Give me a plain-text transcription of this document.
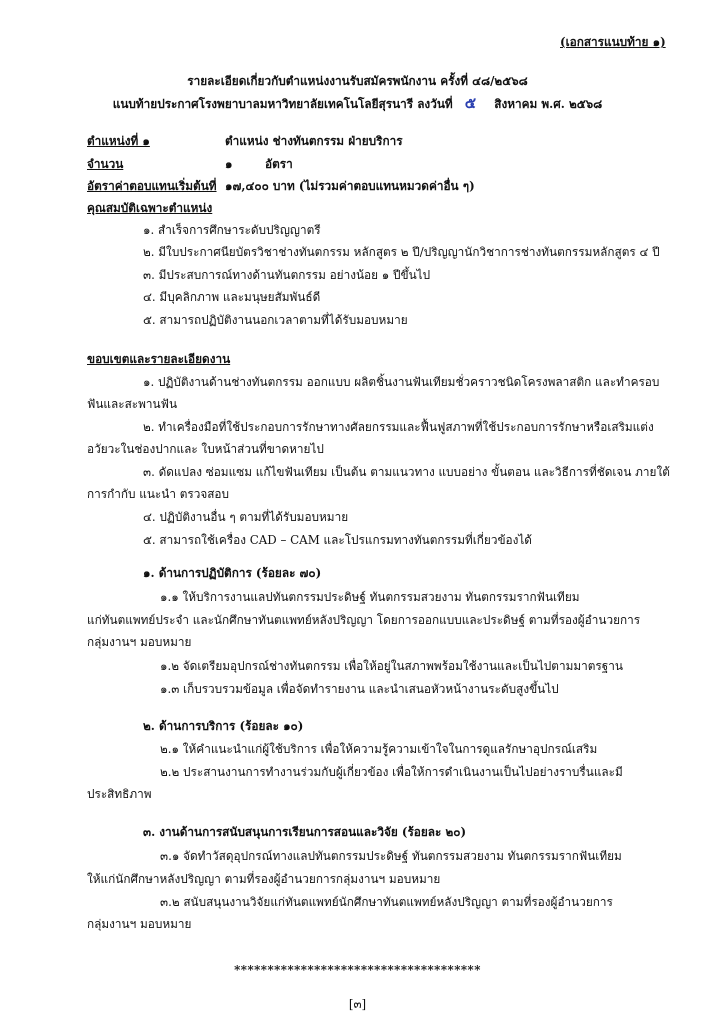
(เอกสารแนบท้าย ๑)
รายละเอียดเกี่ยวกับตำแหน่งงานรับสมัครพนักงาน ครั้งที่ ๔๘/๒๕๖๘
แนบท้ายประกาศโรงพยาบาลมหาวิทยาลัยเทคโนโลยีสุรนารี ลงวันที่ ๕ สิงหาคม พ.ศ. ๒๕๖๘
ตำแหน่งที่ ๑	ตำแหน่ง ช่างทันตกรรม ฝ่ายบริการ
จำนวน	๑	อัตรา
อัตราค่าตอบแทนเริ่มต้นที่ ๑๗,๔๐๐ บาท (ไม่รวมค่าตอบแทนหมวดค่าอื่น ๆ)
คุณสมบัติเฉพาะตำแหน่ง
๑. สำเร็จการศึกษาระดับปริญญาตรี
๒. มีใบประกาศนียบัตรวิชาช่างทันตกรรม หลักสูตร ๒ ปี/ปริญญานักวิชาการช่างทันตกรรมหลักสูตร ๔ ปี
๓. มีประสบการณ์ทางด้านทันตกรรม อย่างน้อย ๑ ปีขึ้นไป
๔. มีบุคลิกภาพ และมนุษยสัมพันธ์ดี
๕. สามารถปฏิบัติงานนอกเวลาตามที่ได้รับมอบหมาย
ขอบเขตและรายละเอียดงาน
๑. ปฏิบัติงานด้านช่างทันตกรรม ออกแบบ ผลิตชิ้นงานฟันเทียมชั่วคราวชนิดโครงพลาสติก และทำครอบ
ฟันและสะพานฟัน
๒. ทำเครื่องมือที่ใช้ประกอบการรักษาทางศัลยกรรมและฟื้นฟูสภาพที่ใช้ประกอบการรักษาหรือเสริมแต่ง
อวัยวะในช่องปากและ ใบหน้าส่วนที่ขาดหายไป
๓. ดัดแปลง ซ่อมแซม แก้ไขฟันเทียม เป็นต้น ตามแนวทาง แบบอย่าง ขั้นตอน และวิธีการที่ชัดเจน ภายใต้
การกำกับ แนะนำ ตรวจสอบ
๔. ปฏิบัติงานอื่น ๆ ตามที่ได้รับมอบหมาย
๕. สามารถใช้เครื่อง CAD – CAM และโปรแกรมทางทันตกรรมที่เกี่ยวข้องได้
๑. ด้านการปฏิบัติการ (ร้อยละ ๗๐)
๑.๑ ให้บริการงานแลปทันตกรรมประดิษฐ์ ทันตกรรมสวยงาม ทันตกรรมรากฟันเทียม
แก่ทันตแพทย์ประจำ และนักศึกษาทันตแพทย์หลังปริญญา โดยการออกแบบและประดิษฐ์ ตามที่รองผู้อำนวยการ
กลุ่มงานฯ มอบหมาย
๑.๒ จัดเตรียมอุปกรณ์ช่างทันตกรรม เพื่อให้อยู่ในสภาพพร้อมใช้งานและเป็นไปตามมาตรฐาน
๑.๓ เก็บรวบรวมข้อมูล เพื่อจัดทำรายงาน และนำเสนอหัวหน้างานระดับสูงขึ้นไป
๒. ด้านการบริการ (ร้อยละ ๑๐)
๒.๑ ให้คำแนะนำแก่ผู้ใช้บริการ เพื่อให้ความรู้ความเข้าใจในการดูแลรักษาอุปกรณ์เสริม
๒.๒ ประสานงานการทำงานร่วมกับผู้เกี่ยวข้อง เพื่อให้การดำเนินงานเป็นไปอย่างราบรื่นและมี
ประสิทธิภาพ
๓. งานด้านการสนับสนุนการเรียนการสอนและวิจัย (ร้อยละ ๒๐)
๓.๑ จัดทำวัสดุอุปกรณ์ทางแลปทันตกรรมประดิษฐ์ ทันตกรรมสวยงาม ทันตกรรมรากฟันเทียม
ให้แก่นักศึกษาหลังปริญญา ตามที่รองผู้อำนวยการกลุ่มงานฯ มอบหมาย
๓.๒ สนับสนุนงานวิจัยแก่ทันตแพทย์นักศึกษาทันตแพทย์หลังปริญญา ตามที่รองผู้อำนวยการ
กลุ่มงานฯ มอบหมาย
*************************************
[๓]
